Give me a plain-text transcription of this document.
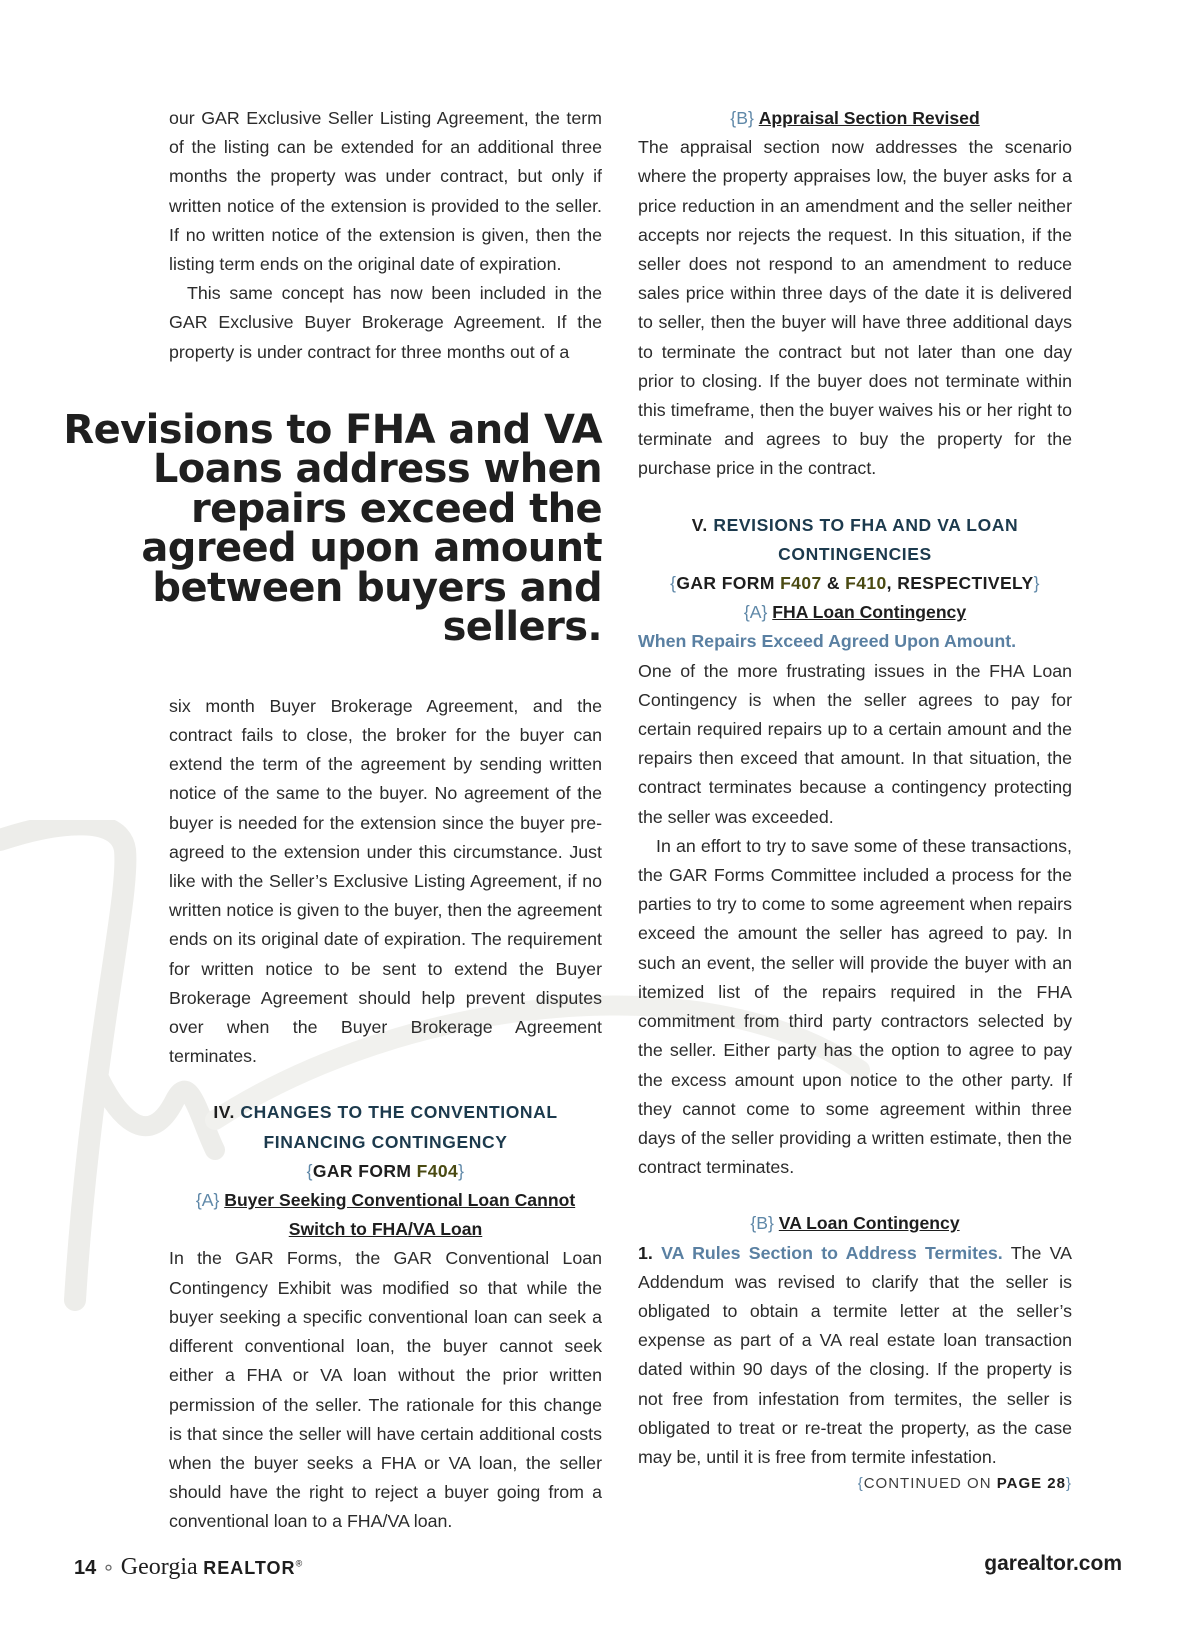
our GAR Exclusive Seller Listing Agreement, the term of the listing can be extended for an additional three months the property was under contract, but only if written notice of the extension is provided to the seller. If no written notice of the extension is given, then the listing term ends on the original date of expiration.

This same concept has now been included in the GAR Exclusive Buyer Brokerage Agreement. If the property is under contract for three months out of a

Revisions to FHA and VA Loans address when repairs exceed the agreed upon amount between buyers and sellers.

six month Buyer Brokerage Agreement, and the contract fails to close, the broker for the buyer can extend the term of the agreement by sending written notice of the same to the buyer. No agreement of the buyer is needed for the extension since the buyer pre-agreed to the extension under this circumstance. Just like with the Seller’s Exclusive Listing Agreement, if no written notice is given to the buyer, then the agreement ends on its original date of expiration. The requirement for written notice to be sent to extend the Buyer Brokerage Agreement should help prevent disputes over when the Buyer Brokerage Agreement terminates.

IV. CHANGES TO THE CONVENTIONAL FINANCING CONTINGENCY
{GAR FORM F404}
{A} Buyer Seeking Conventional Loan Cannot Switch to FHA/VA Loan

In the GAR Forms, the GAR Conventional Loan Contingency Exhibit was modified so that while the buyer seeking a specific conventional loan can seek a different conventional loan, the buyer cannot seek either a FHA or VA loan without the prior written permission of the seller. The rationale for this change is that since the seller will have certain additional costs when the buyer seeks a FHA or VA loan, the seller should have the right to reject a buyer going from a conventional loan to a FHA/VA loan.

{B} Appraisal Section Revised

The appraisal section now addresses the scenario where the property appraises low, the buyer asks for a price reduction in an amendment and the seller neither accepts nor rejects the request. In this situation, if the seller does not respond to an amendment to reduce sales price within three days of the date it is delivered to seller, then the buyer will have three additional days to terminate the contract but not later than one day prior to closing. If the buyer does not terminate within this timeframe, then the buyer waives his or her right to terminate and agrees to buy the property for the purchase price in the contract.

V. REVISIONS TO FHA AND VA LOAN CONTINGENCIES
{GAR FORM F407 & F410, RESPECTIVELY}
{A} FHA Loan Contingency

When Repairs Exceed Agreed Upon Amount.

One of the more frustrating issues in the FHA Loan Contingency is when the seller agrees to pay for certain required repairs up to a certain amount and the repairs then exceed that amount. In that situation, the contract terminates because a contingency protecting the seller was exceeded.

In an effort to try to save some of these transactions, the GAR Forms Committee included a process for the parties to try to come to some agreement when repairs exceed the amount the seller has agreed to pay. In such an event, the seller will provide the buyer with an itemized list of the repairs required in the FHA commitment from third party contractors selected by the seller. Either party has the option to agree to pay the excess amount upon notice to the other party. If they cannot come to some agreement within three days of the seller providing a written estimate, then the contract terminates.

{B} VA Loan Contingency

1. VA Rules Section to Address Termites. The VA Addendum was revised to clarify that the seller is obligated to obtain a termite letter at the seller’s expense as part of a VA real estate loan transaction dated within 90 days of the closing. If the property is not free from infestation from termites, the seller is obligated to treat or re-treat the property, as the case may be, until it is free from termite infestation.

{CONTINUED ON PAGE 28}
14 ∘ Georgia REALTOR®	garealtor.com
